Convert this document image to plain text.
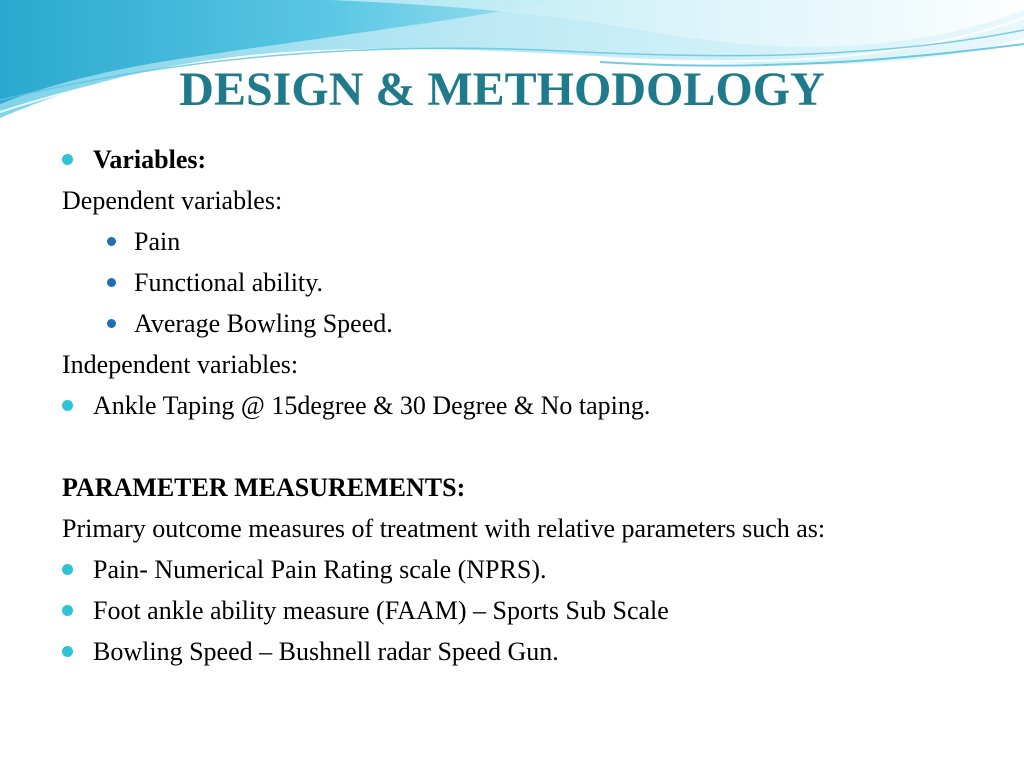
DESIGN & METHODOLOGY
Variables:
Dependent variables:
Pain
Functional ability.
Average Bowling Speed.
Independent variables:
Ankle Taping @ 15degree & 30 Degree & No taping.
PARAMETER MEASUREMENTS:
Primary outcome measures of treatment with relative parameters such as:
Pain- Numerical Pain Rating scale (NPRS).
Foot ankle ability measure (FAAM) – Sports Sub Scale
Bowling Speed – Bushnell radar Speed Gun.
